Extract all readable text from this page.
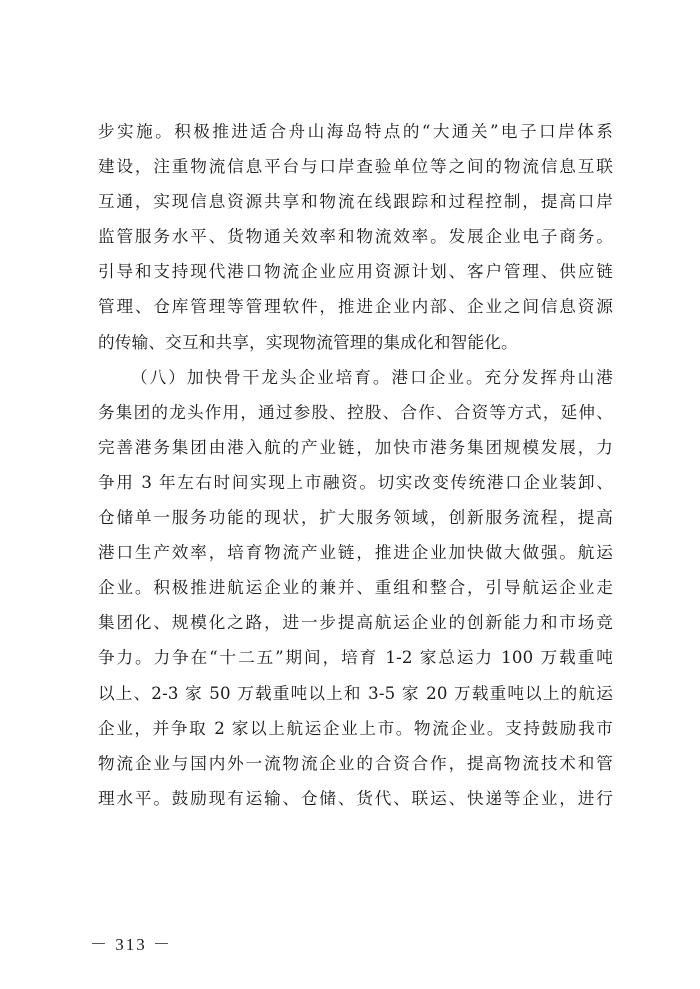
步实施。积极推进适合舟山海岛特点的“大通关”电子口岸体系
建设，注重物流信息平台与口岸查验单位等之间的物流信息互联
互通，实现信息资源共享和物流在线跟踪和过程控制，提高口岸
监管服务水平、货物通关效率和物流效率。发展企业电子商务。
引导和支持现代港口物流企业应用资源计划、客户管理、供应链
管理、仓库管理等管理软件，推进企业内部、企业之间信息资源
的传输、交互和共享，实现物流管理的集成化和智能化。
（八）加快骨干龙头企业培育。港口企业。充分发挥舟山港
务集团的龙头作用，通过参股、控股、合作、合资等方式，延伸、
完善港务集团由港入航的产业链，加快市港务集团规模发展，力
争用 3 年左右时间实现上市融资。切实改变传统港口企业装卸、
仓储单一服务功能的现状，扩大服务领域，创新服务流程，提高
港口生产效率，培育物流产业链，推进企业加快做大做强。航运
企业。积极推进航运企业的兼并、重组和整合，引导航运企业走
集团化、规模化之路，进一步提高航运企业的创新能力和市场竞
争力。力争在“十二五”期间，培育 1-2 家总运力 100 万载重吨
以上、2-3 家 50 万载重吨以上和 3-5 家 20 万载重吨以上的航运
企业，并争取 2 家以上航运企业上市。物流企业。支持鼓励我市
物流企业与国内外一流物流企业的合资合作，提高物流技术和管
理水平。鼓励现有运输、仓储、货代、联运、快递等企业，进行
－ 313 －
